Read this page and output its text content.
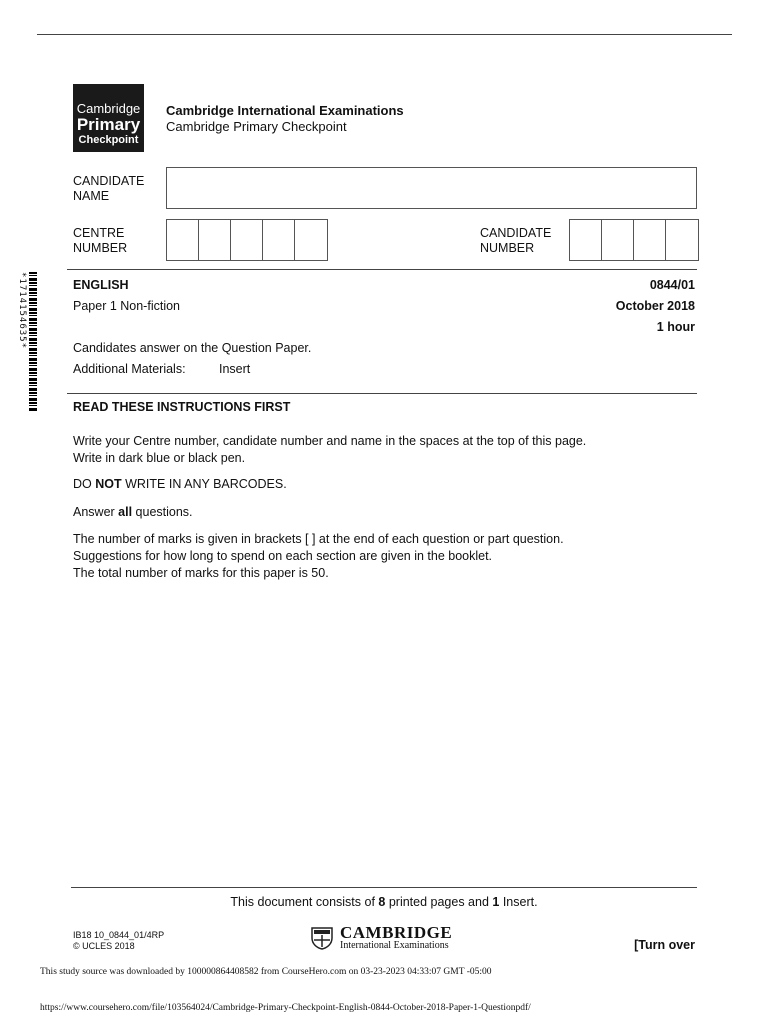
Cambridge
Primary
Checkpoint
Cambridge International Examinations
Cambridge Primary Checkpoint
CANDIDATE
NAME
CENTRE
NUMBER
CANDIDATE
NUMBER
*1714154635*	ENGLISH	0844/01
Paper 1 Non-fiction	October 2018
1 hour
Candidates answer on the Question Paper.
Additional Materials:	Insert
READ THESE INSTRUCTIONS FIRST
Write your Centre number, candidate number and name in the spaces at the top of this page.
Write in dark blue or black pen.
DO NOT WRITE IN ANY BARCODES.
Answer all questions.
The number of marks is given in brackets [ ] at the end of each question or part question.
Suggestions for how long to spend on each section are given in the booklet.
The total number of marks for this paper is 50.
This document consists of 8 printed pages and 1 Insert.
IB18 10_0844_01/4RP
© UCLES 2018
CAMBRIDGE
International Examinations	[Turn over
This study source was downloaded by 100000864408582 from CourseHero.com on 03-23-2023 04:33:07 GMT -05:00
https://www.coursehero.com/file/103564024/Cambridge-Primary-Checkpoint-English-0844-October-2018-Paper-1-Questionpdf/
